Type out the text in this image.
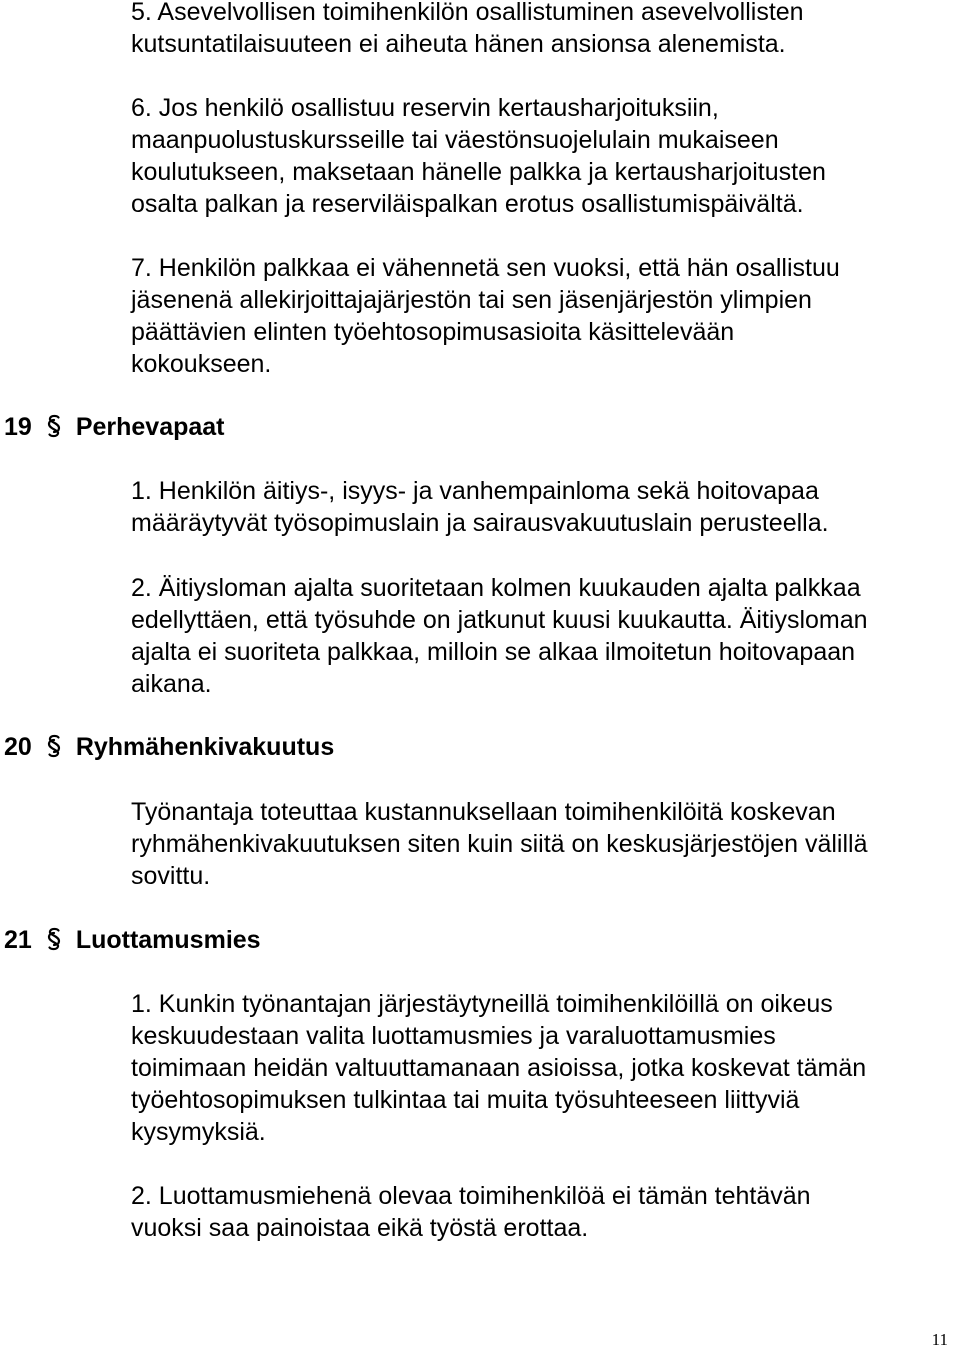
5. Asevelvollisen toimihenkilön osallistuminen asevelvollisten
kutsuntatilaisuuteen ei aiheuta hänen ansionsa alenemista.

6. Jos henkilö osallistuu reservin kertausharjoituksiin,
maanpuolustuskursseille tai väestönsuojelulain mukaiseen
koulutukseen, maksetaan hänelle palkka ja kertausharjoitusten
osalta palkan ja reserviläispalkan erotus osallistumispäivältä.

7. Henkilön palkkaa ei vähennetä sen vuoksi, että hän osallistuu
jäsenenä allekirjoittajajärjestön tai sen jäsenjärjestön ylimpien
päättävien elinten työehtosopimusasioita käsittelevään
kokoukseen.

19 Perhevapaat

1. Henkilön äitiys-, isyys- ja vanhempainloma sekä hoitovapaa
määräytyvät työsopimuslain ja sairausvakuutuslain perusteella.

2. Äitiysloman ajalta suoritetaan kolmen kuukauden ajalta palkkaa
edellyttäen, että työsuhde on jatkunut kuusi kuukautta. Äitiysloman
ajalta ei suoriteta palkkaa, milloin se alkaa ilmoitetun hoitovapaan
aikana.

20 Ryhmähenkivakuutus

Työnantaja toteuttaa kustannuksellaan toimihenkilöitä koskevan
ryhmähenkivakuutuksen siten kuin siitä on keskusjärjestöjen välillä
sovittu.

21 Luottamusmies

1. Kunkin työnantajan järjestäytyneillä toimihenkilöillä on oikeus
keskuudestaan valita luottamusmies ja varaluottamusmies
toimimaan heidän valtuuttamanaan asioissa, jotka koskevat tämän
työehtosopimuksen tulkintaa tai muita työsuhteeseen liittyviä
kysymyksiä.

2. Luottamusmiehenä olevaa toimihenkilöä ei tämän tehtävän
vuoksi saa painoistaa eikä työstä erottaa.

11
